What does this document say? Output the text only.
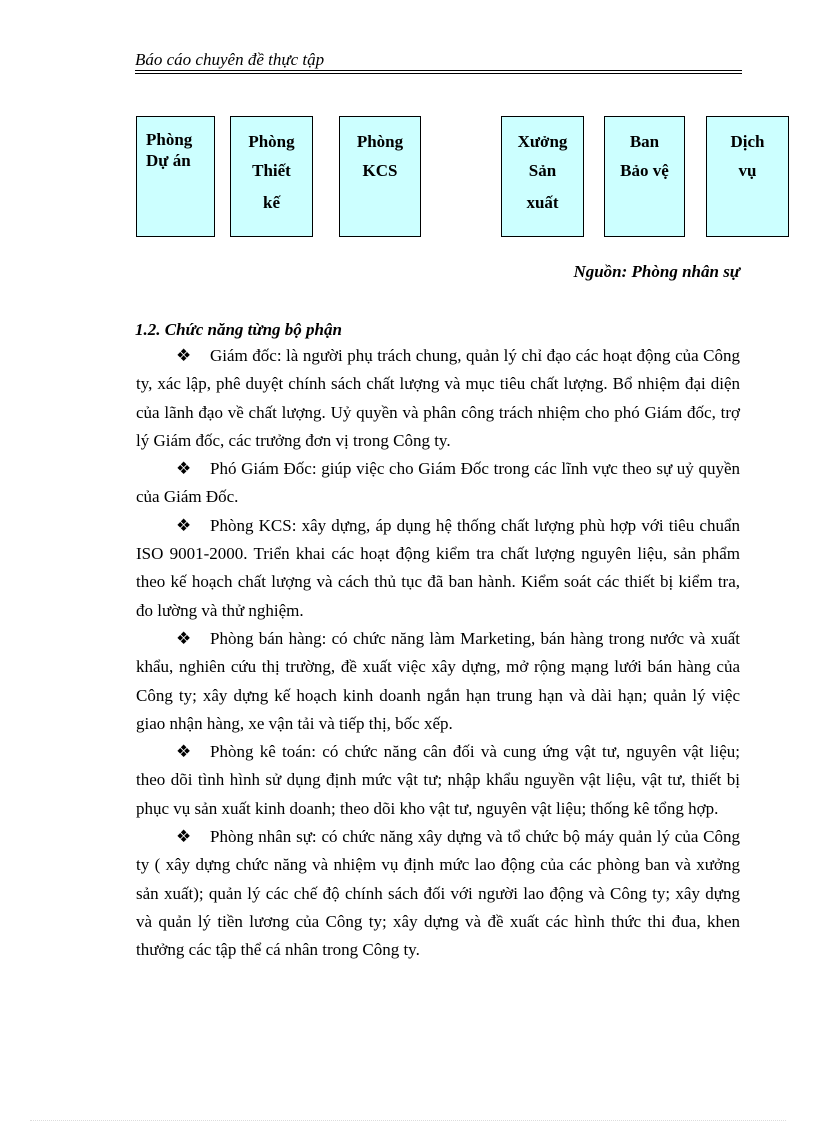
Báo cáo chuyên đề thực tập
Phòng
Dự án
Phòng
Thiết
kế
Phòng
KCS
Xưởng
Sản
xuất
Ban
Bảo vệ
Dịch
vụ
Nguồn: Phòng nhân sự
1.2. Chức năng từng bộ phận

❖ Giám đốc: là người phụ trách chung, quản lý chỉ đạo các hoạt động của Công ty, xác lập, phê duyệt chính sách chất lượng và mục tiêu chất lượng. Bổ nhiệm đại diện của lãnh đạo về chất lượng. Uỷ quyền và phân công trách nhiệm cho phó Giám đốc, trợ lý Giám đốc, các trưởng đơn vị trong Công ty.

❖ Phó Giám Đốc: giúp việc cho Giám Đốc trong các lĩnh vực theo sự uỷ quyền của Giám Đốc.

❖ Phòng KCS: xây dựng, áp dụng hệ thống chất lượng phù hợp với tiêu chuẩn ISO 9001-2000. Triển khai các hoạt động kiểm tra chất lượng nguyên liệu, sản phẩm theo kế hoạch chất lượng và cách thủ tục đã ban hành. Kiểm soát các thiết bị kiểm tra, đo lường và thử nghiệm.

❖ Phòng bán hàng: có chức năng làm Marketing, bán hàng trong nước và xuất khẩu, nghiên cứu thị trường, đề xuất việc xây dựng, mở rộng mạng lưới bán hàng của Công ty; xây dựng kế hoạch kinh doanh ngắn hạn trung hạn và dài hạn; quản lý việc giao nhận hàng, xe vận tải và tiếp thị, bốc xếp.

❖ Phòng kê toán: có chức năng cân đối và cung ứng vật tư, nguyên vật liệu; theo dõi tình hình sử dụng định mức vật tư; nhập khẩu nguyền vật liệu, vật tư, thiết bị phục vụ sản xuất kinh doanh; theo dõi kho vật tư, nguyên vật liệu; thống kê tổng hợp.

❖ Phòng nhân sự: có chức năng xây dựng và tổ chức bộ máy quản lý của Công ty ( xây dựng chức năng và nhiệm vụ định mức lao động của các phòng ban và xưởng sản xuất); quản lý các chế độ chính sách đối với người lao động và Công ty; xây dựng và quản lý tiền lương của Công ty; xây dựng và đề xuất các hình thức thi đua, khen thưởng các tập thể cá nhân trong Công ty.
